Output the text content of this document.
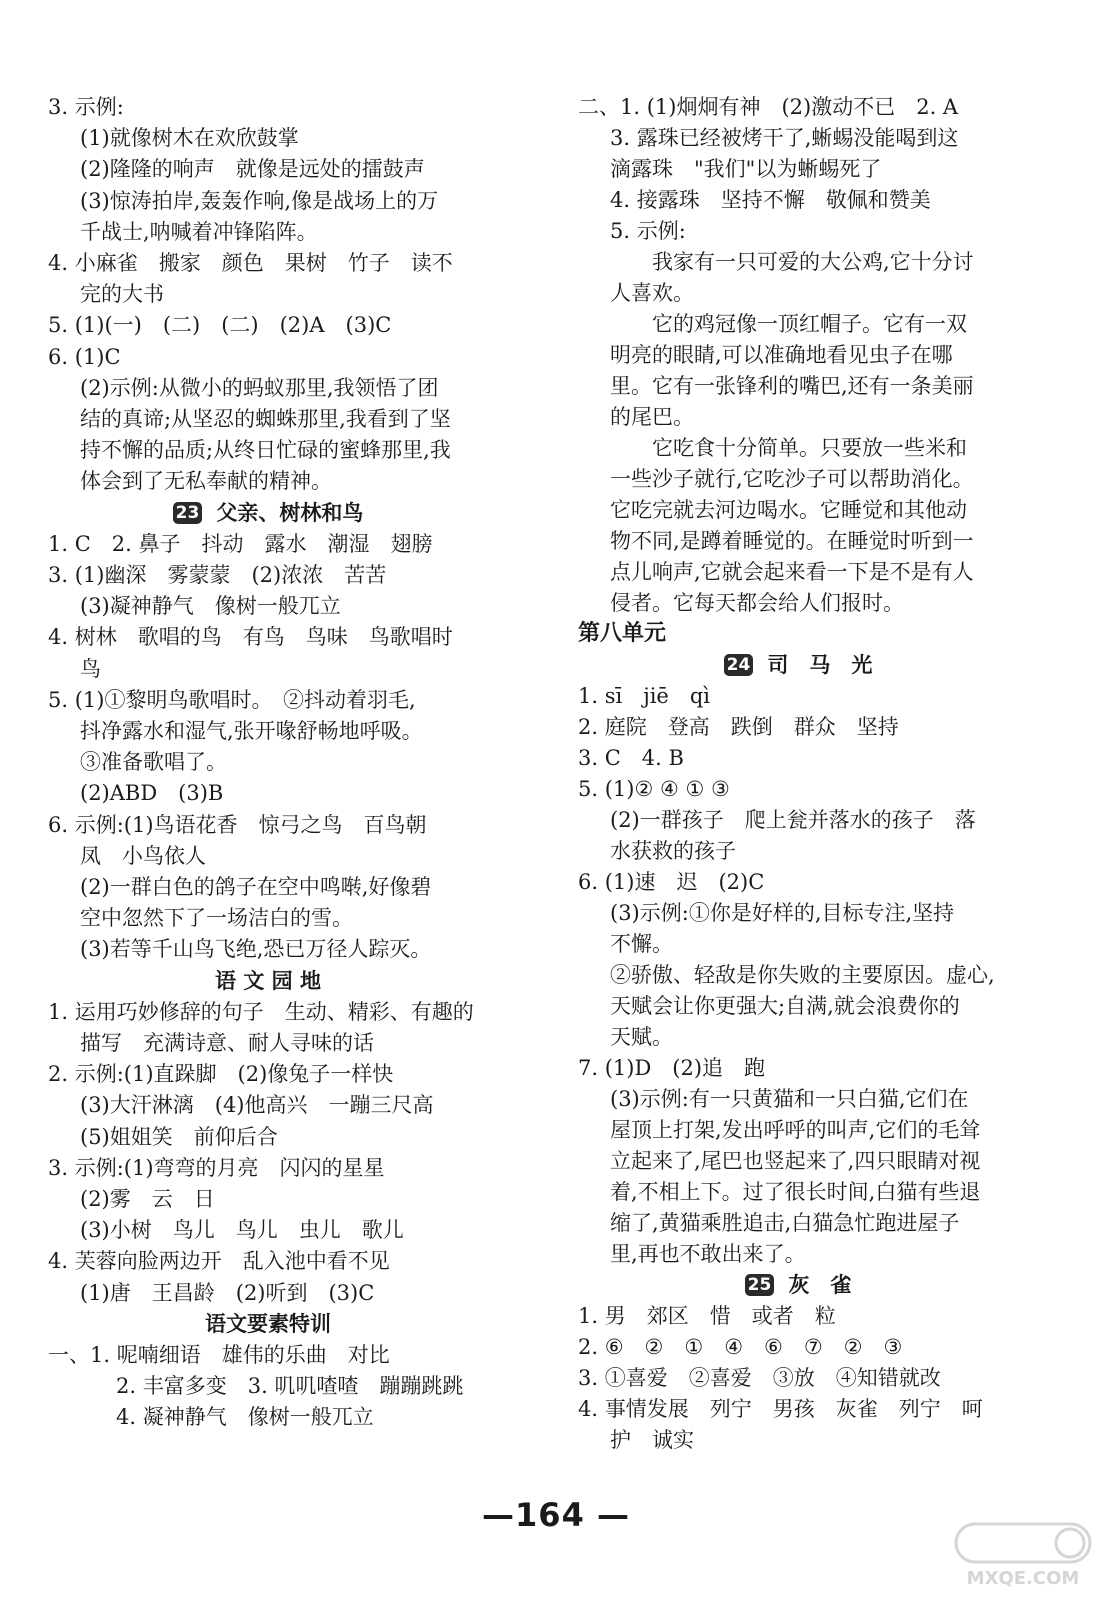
3. 示例:
(1)就像树木在欢欣鼓掌
(2)隆隆的响声　就像是远处的擂鼓声
(3)惊涛拍岸,轰轰作响,像是战场上的万
千战士,呐喊着冲锋陷阵。
4. 小麻雀　搬家　颜色　果树　竹子　读不
完的大书
5. (1)(一)　(二)　(二)　(2)A　(3)C
6. (1)C
(2)示例:从微小的蚂蚁那里,我领悟了团
结的真谛;从坚忍的蜘蛛那里,我看到了坚
持不懈的品质;从终日忙碌的蜜蜂那里,我
体会到了无私奉献的精神。
23 父亲、树林和鸟
1. C　2. 鼻子　抖动　露水　潮湿　翅膀
3. (1)幽深　雾蒙蒙　(2)浓浓　苦苦
(3)凝神静气　像树一般兀立
4. 树林　歌唱的鸟　有鸟　鸟味　鸟歌唱时
鸟
5. (1)①黎明鸟歌唱时。　②抖动着羽毛,
抖净露水和湿气,张开喙舒畅地呼吸。
③准备歌唱了。
(2)ABD　(3)B
6. 示例:(1)鸟语花香　惊弓之鸟　百鸟朝
凤　小鸟依人
(2)一群白色的鸽子在空中鸣啭,好像碧
空中忽然下了一场洁白的雪。
(3)若等千山鸟飞绝,恐已万径人踪灭。
语 文 园 地
1. 运用巧妙修辞的句子　生动、精彩、有趣的
描写　充满诗意、耐人寻味的话
2. 示例:(1)直跺脚　(2)像兔子一样快
(3)大汗淋漓　(4)他高兴　一蹦三尺高
(5)姐姐笑　前仰后合
3. 示例:(1)弯弯的月亮　闪闪的星星
(2)雾　云　日
(3)小树　鸟儿　鸟儿　虫儿　歌儿
4. 芙蓉向脸两边开　乱入池中看不见
(1)唐　王昌龄　(2)听到　(3)C
语文要素特训
一、1. 呢喃细语　雄伟的乐曲　对比
2. 丰富多变　3. 叽叽喳喳　蹦蹦跳跳
4. 凝神静气　像树一般兀立
二、1. (1)炯炯有神　(2)激动不已　2. A
3. 露珠已经被烤干了,蜥蜴没能喝到这
滴露珠　"我们"以为蜥蜴死了
4. 接露珠　坚持不懈　敬佩和赞美
5. 示例:
　　我家有一只可爱的大公鸡,它十分讨
人喜欢。
　　它的鸡冠像一顶红帽子。它有一双
明亮的眼睛,可以准确地看见虫子在哪
里。它有一张锋利的嘴巴,还有一条美丽
的尾巴。
　　它吃食十分简单。只要放一些米和
一些沙子就行,它吃沙子可以帮助消化。
它吃完就去河边喝水。它睡觉和其他动
物不同,是蹲着睡觉的。在睡觉时听到一
点儿响声,它就会起来看一下是不是有人
侵者。它每天都会给人们报时。
第八单元
24 司　马　光
1. sī　jiē　qì
2. 庭院　登高　跌倒　群众　坚持
3. C　4. B
5. (1)② ④ ① ③
(2)一群孩子　爬上瓮并落水的孩子　落
水获救的孩子
6. (1)速　迟　(2)C
(3)示例:①你是好样的,目标专注,坚持
不懈。
②骄傲、轻敌是你失败的主要原因。虚心,
天赋会让你更强大;自满,就会浪费你的
天赋。
7. (1)D　(2)追　跑
(3)示例:有一只黄猫和一只白猫,它们在
屋顶上打架,发出呼呼的叫声,它们的毛耸
立起来了,尾巴也竖起来了,四只眼睛对视
着,不相上下。过了很长时间,白猫有些退
缩了,黄猫乘胜追击,白猫急忙跑进屋子
里,再也不敢出来了。
25 灰　雀
1. 男　郊区　惜　或者　粒
2. ⑥　②　①　④　⑥　⑦　②　③
3. ①喜爱　②喜爱　③放　④知错就改
4. 事情发展　列宁　男孩　灰雀　列宁　呵
护　诚实
—164 —
MXQE.COM
